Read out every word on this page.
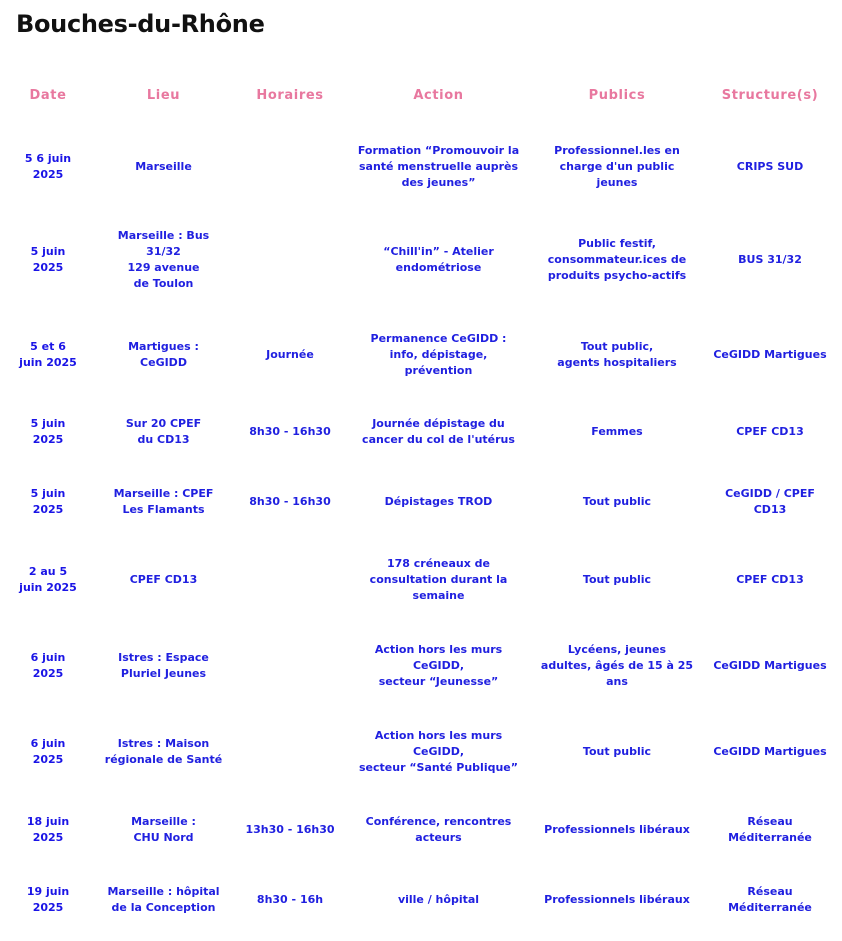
Bouches-du-Rhône
Date	Lieu	Horaires	Action	Publics	Structure(s)

5 6 juin
2025	Marseille		Formation “Promouvoir la
santé menstruelle auprès
des jeunes”	Professionnel.les en
charge d'un public
jeunes	CRIPS SUD

5 juin
2025	Marseille : Bus
31/32
129 avenue
de Toulon		“Chill'in” - Atelier
endométriose	Public festif,
consommateur.ices de
produits psycho-actifs	BUS 31/32

5 et 6
juin 2025	Martigues :
CeGIDD	Journée	Permanence CeGIDD :
info, dépistage,
prévention	Tout public,
agents hospitaliers	CeGIDD Martigues

5 juin
2025	Sur 20 CPEF
du CD13	8h30 - 16h30	Journée dépistage du
cancer du col de l'utérus	Femmes	CPEF CD13

5 juin
2025	Marseille : CPEF
Les Flamants	8h30 - 16h30	Dépistages TROD	Tout public	CeGIDD / CPEF
CD13

2 au 5
juin 2025	CPEF CD13		178 créneaux de
consultation durant la
semaine	Tout public	CPEF CD13

6 juin
2025	Istres : Espace
Pluriel Jeunes		Action hors les murs
CeGIDD,
secteur “Jeunesse”	Lycéens, jeunes
adultes, âgés de 15 à 25
ans	CeGIDD Martigues

6 juin
2025	Istres : Maison
régionale de Santé		Action hors les murs
CeGIDD,
secteur “Santé Publique”	Tout public	CeGIDD Martigues

18 juin
2025	Marseille :
CHU Nord	13h30 - 16h30	Conférence, rencontres
acteurs	Professionnels libéraux	Réseau
Méditerranée

19 juin
2025	Marseille : hôpital
de la Conception	8h30 - 16h	ville / hôpital	Professionnels libéraux	Réseau
Méditerranée
